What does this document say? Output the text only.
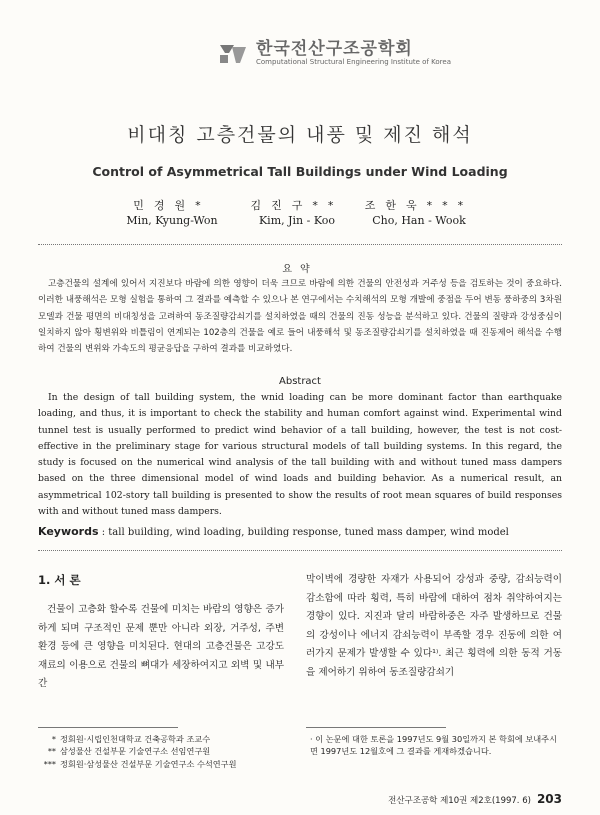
한국전산구조공학회
Computational Structural Engineering Institute of Korea
비대칭 고층건물의 내풍 및 제진 해석
Control of Asymmetrical Tall Buildings under Wind Loading
민경원*
Min, Kyung-Won
김진구**
Kim, Jin - Koo
조한욱***
Cho, Han - Wook
요약
고층건물의 설계에 있어서 지진보다 바람에 의한 영향이 더욱 크므로 바람에 의한 건물의 안전성과 거주성 등을 검토하는 것이 중요하다. 이러한 내풍해석은 모형 실험을 통하여 그 결과를 예측할 수 있으나 본 연구에서는 수치해석의 모형 개발에 중점을 두어 변동 풍하중의 3차원 모델과 건물 평면의 비대칭성을 고려하여 동조질량감쇠기를 설치하였을 때의 건물의 진동 성능을 분석하고 있다. 건물의 질량과 강성중심이 일치하지 않아 횡변위와 비틀림이 연계되는 102층의 건물을 예로 들어 내풍해석 및 동조질량감쇠기를 설치하였을 때 진동제어 해석을 수행하여 건물의 변위와 가속도의 평균응답을 구하여 결과를 비교하였다.
Abstract
In the design of tall building system, the wnid loading can be more dominant factor than earthquake loading, and thus, it is important to check the stability and human comfort against wind. Experimental wind tunnel test is usually performed to predict wind behavior of a tall building, however, the test is not cost-effective in the preliminary stage for various structural models of tall building systems. In this regard, the study is focused on the numerical wind analysis of the tall building with and without tuned mass dampers based on the three dimensional model of wind loads and building behavior. As a numerical result, an asymmetrical 102-story tall building is presented to show the results of root mean squares of build responses with and without tuned mass dampers.
Keywords : tall building, wind loading, building response, tuned mass damper, wind model
1. 서 론
건물이 고층화 할수록 건물에 미치는 바람의 영향은 증가하게 되며 구조적인 문제 뿐만 아니라 외장, 거주성, 주변 환경 등에 큰 영향을 미치된다. 현대의 고층건물은 고강도 재료의 이용으로 건물의 뼈대가 세장하여지고 외벽 및 내부 간
막이벽에 경량한 자재가 사용되어 강성과 중량, 감쇠능력이 감소함에 따라 횡력, 특히 바람에 대하여 점차 취약하여지는 경향이 있다. 지진과 달리 바람하중은 자주 발생하므로 건물의 강성이나 에너지 감쇠능력이 부족할 경우 진동에 의한 여러가지 문제가 발생할 수 있다¹⁾. 최근 횡력에 의한 동적 거동을 제어하기 위하여 동조질량감쇠기
* 정회원·시립인천대학교 건축공학과 조교수
** 삼성물산 건설부문 기술연구소 선임연구원
*** 정회원·삼성물산 건설부문 기술연구소 수석연구원
· 이 논문에 대한 토론을 1997년도 9월 30일까지 본 학회에 보내주시면 1997년도 12월호에 그 결과를 게재하겠습니다.
전산구조공학 제10권 제2호(1997. 6) 203
